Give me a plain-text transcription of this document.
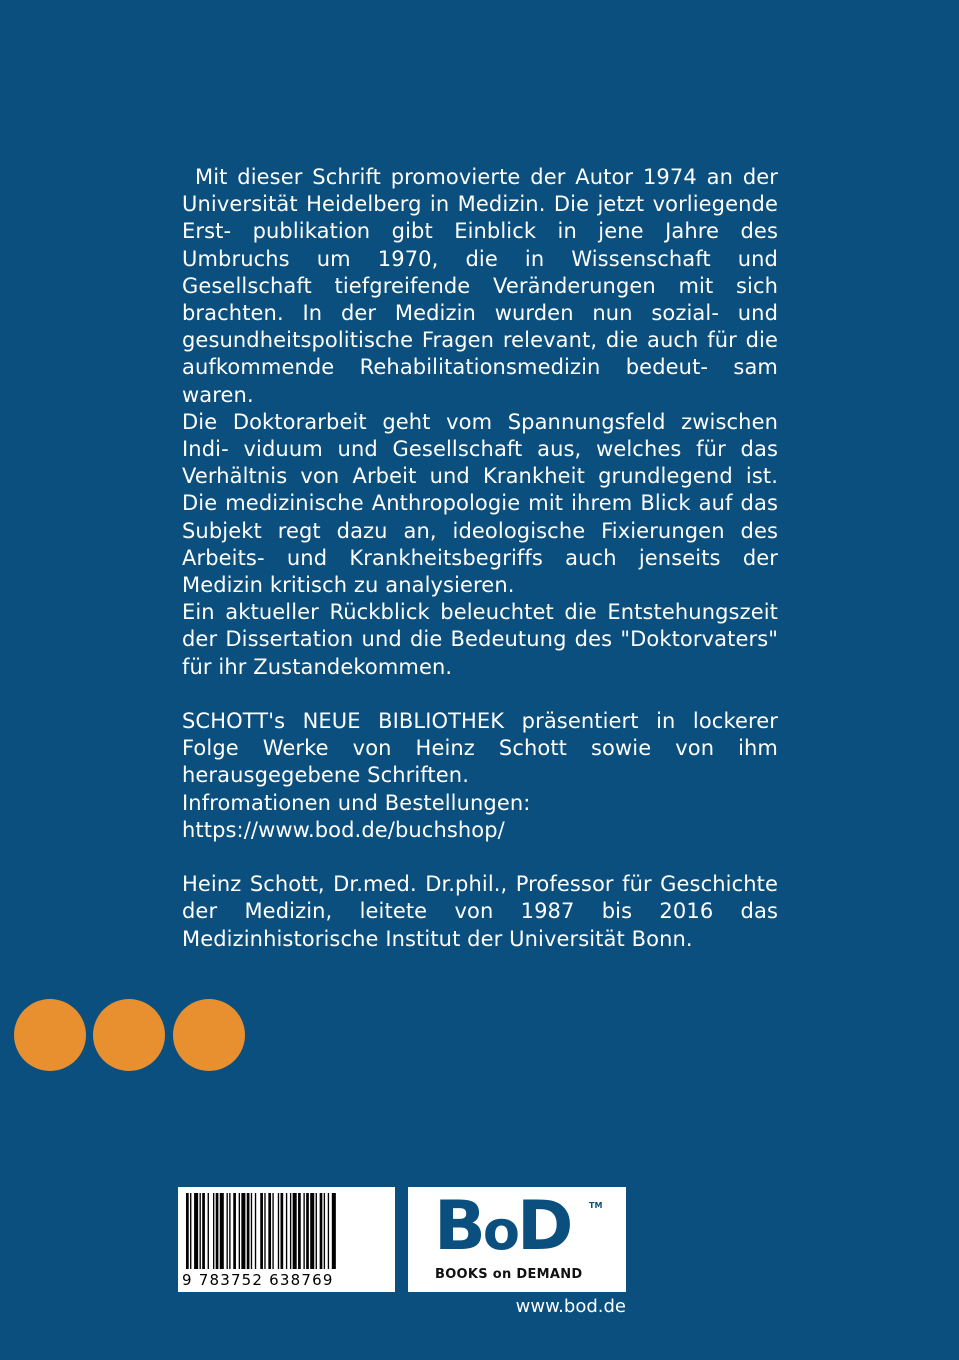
Mit dieser Schrift promovierte der Autor 1974 an der Universität Heidelberg in Medizin. Die jetzt vorliegende Erst- publikation gibt Einblick in jene Jahre des Umbruchs um 1970, die in Wissenschaft und Gesellschaft tiefgreifende Veränderungen mit sich brachten. In der Medizin wurden nun sozial- und gesundheitspolitische Fragen relevant, die auch für die aufkommende Rehabilitationsmedizin bedeut- sam waren.

Die Doktorarbeit geht vom Spannungsfeld zwischen Indi- viduum und Gesellschaft aus, welches für das Verhältnis von Arbeit und Krankheit grundlegend ist. Die medizinische Anthropologie mit ihrem Blick auf das Subjekt regt dazu an, ideologische Fixierungen des Arbeits- und Krankheitsbegriffs auch jenseits der Medizin kritisch zu analysieren.

Ein aktueller Rückblick beleuchtet die Entstehungszeit der Dissertation und die Bedeutung des "Doktorvaters" für ihr Zustandekommen.

SCHOTT's NEUE BIBLIOTHEK präsentiert in lockerer Folge Werke von Heinz Schott sowie von ihm herausgegebene Schriften.

Infromationen und Bestellungen:
https://www.bod.de/buchshop/

Heinz Schott, Dr.med. Dr.phil., Professor für Geschichte der Medizin, leitete von 1987 bis 2016 das Medizinhistorische Institut der Universität Bonn.

9 783752 638769
BoD TM
BOOKS on DEMAND
www.bod.de
